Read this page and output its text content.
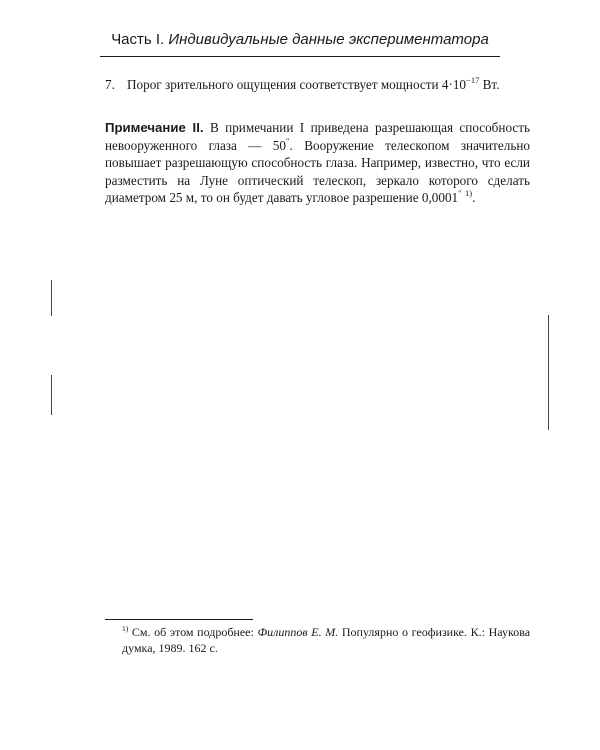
Часть I. Индивидуальные данные экспериментатора
7. Порог зрительного ощущения соответствует мощности $4\cdot 10^{-17}$ Вт.
Примечание II. В примечании I приведена разрешающая способность невооруженного глаза — 50″. Вооружение телескопом значительно повышает разрешающую способность глаза. Например, известно, что если разместить на Луне оптический телескоп, зеркало которого сделать диаметром 25 м, то он будет давать угловое разрешение 0,0001″ $^{1)}$.
$^{1)}$ См. об этом подробнее: Филиппов Е. М. Популярно о геофизике. К.: Наукова думка, 1989. 162 с.
